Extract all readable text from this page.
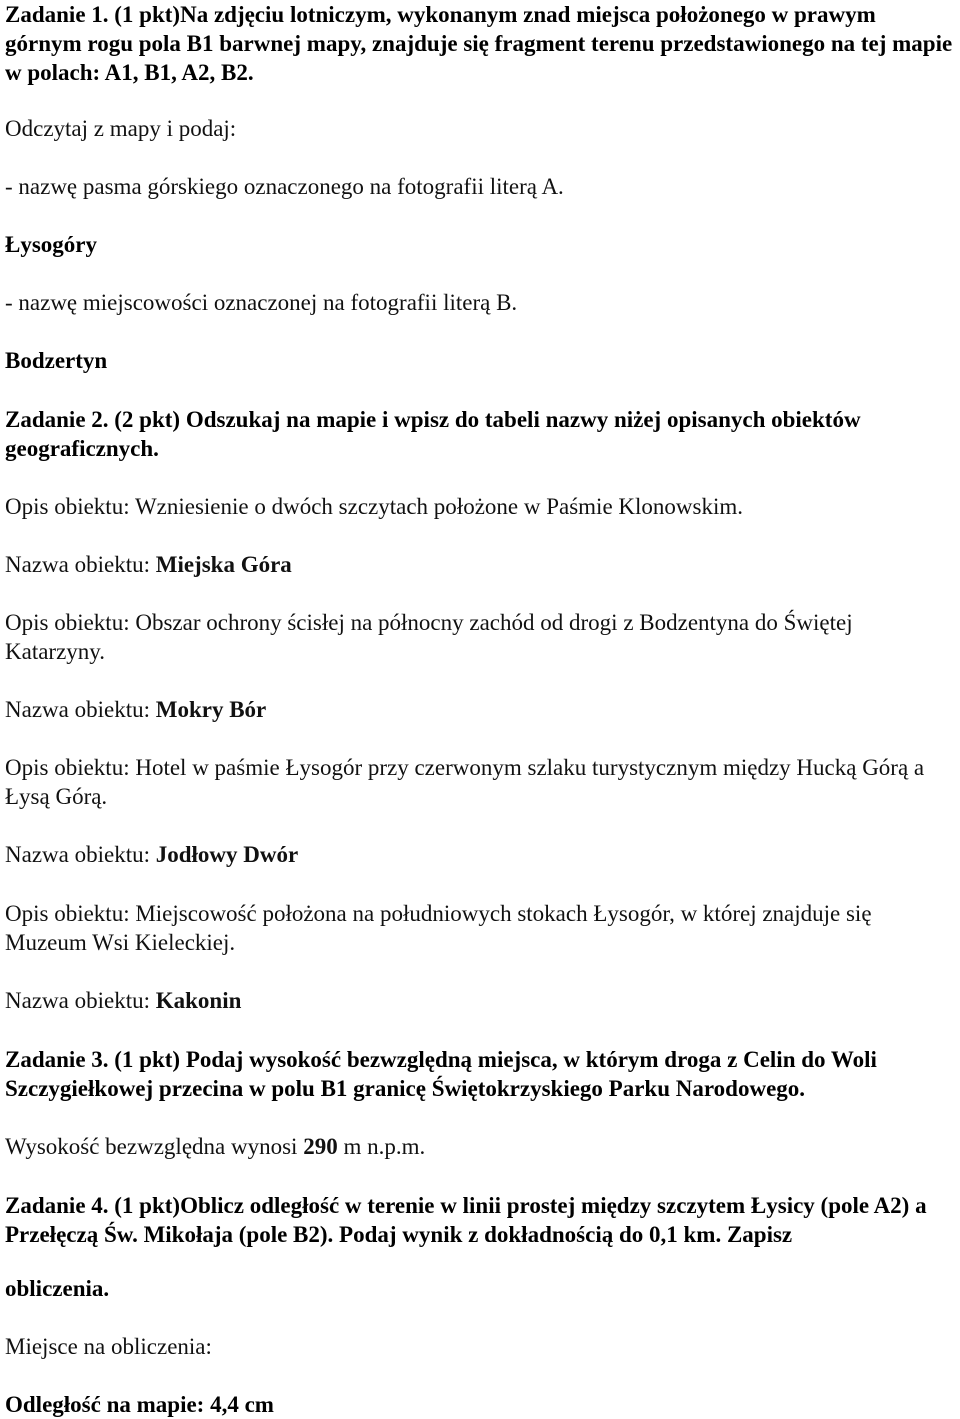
Zadanie 1. (1 pkt)Na zdjęciu lotniczym, wykonanym znad miejsca położonego w prawym górnym rogu pola B1 barwnej mapy, znajduje się fragment terenu przedstawionego na tej mapie w polach: A1, B1, A2, B2.
Odczytaj z mapy i podaj:
- nazwę pasma górskiego oznaczonego na fotografii literą A.
Łysogóry
- nazwę miejscowości oznaczonej na fotografii literą B.
Bodzertyn
Zadanie 2. (2 pkt) Odszukaj na mapie i wpisz do tabeli nazwy niżej opisanych obiektów geograficznych.
Opis obiektu: Wzniesienie o dwóch szczytach położone w Paśmie Klonowskim.
Nazwa obiektu: Miejska Góra
Opis obiektu: Obszar ochrony ścisłej na północny zachód od drogi z Bodzentyna do Świętej Katarzyny.
Nazwa obiektu: Mokry Bór
Opis obiektu: Hotel w paśmie Łysogór przy czerwonym szlaku turystycznym między Hucką Górą a Łysą Górą.
Nazwa obiektu: Jodłowy Dwór
Opis obiektu: Miejscowość położona na południowych stokach Łysogór, w której znajduje się Muzeum Wsi Kieleckiej.
Nazwa obiektu: Kakonin
Zadanie 3. (1 pkt) Podaj wysokość bezwzględną miejsca, w którym droga z Celin do Woli Szczygiełkowej przecina w polu B1 granicę Świętokrzyskiego Parku Narodowego.
Wysokość bezwzględna wynosi 290 m n.p.m.
Zadanie 4. (1 pkt)Oblicz odległość w terenie w linii prostej między szczytem Łysicy (pole A2) a Przełęczą Św. Mikołaja (pole B2). Podaj wynik z dokładnością do 0,1 km. Zapisz
obliczenia.
Miejsce na obliczenia:
Odległość na mapie: 4,4 cm
